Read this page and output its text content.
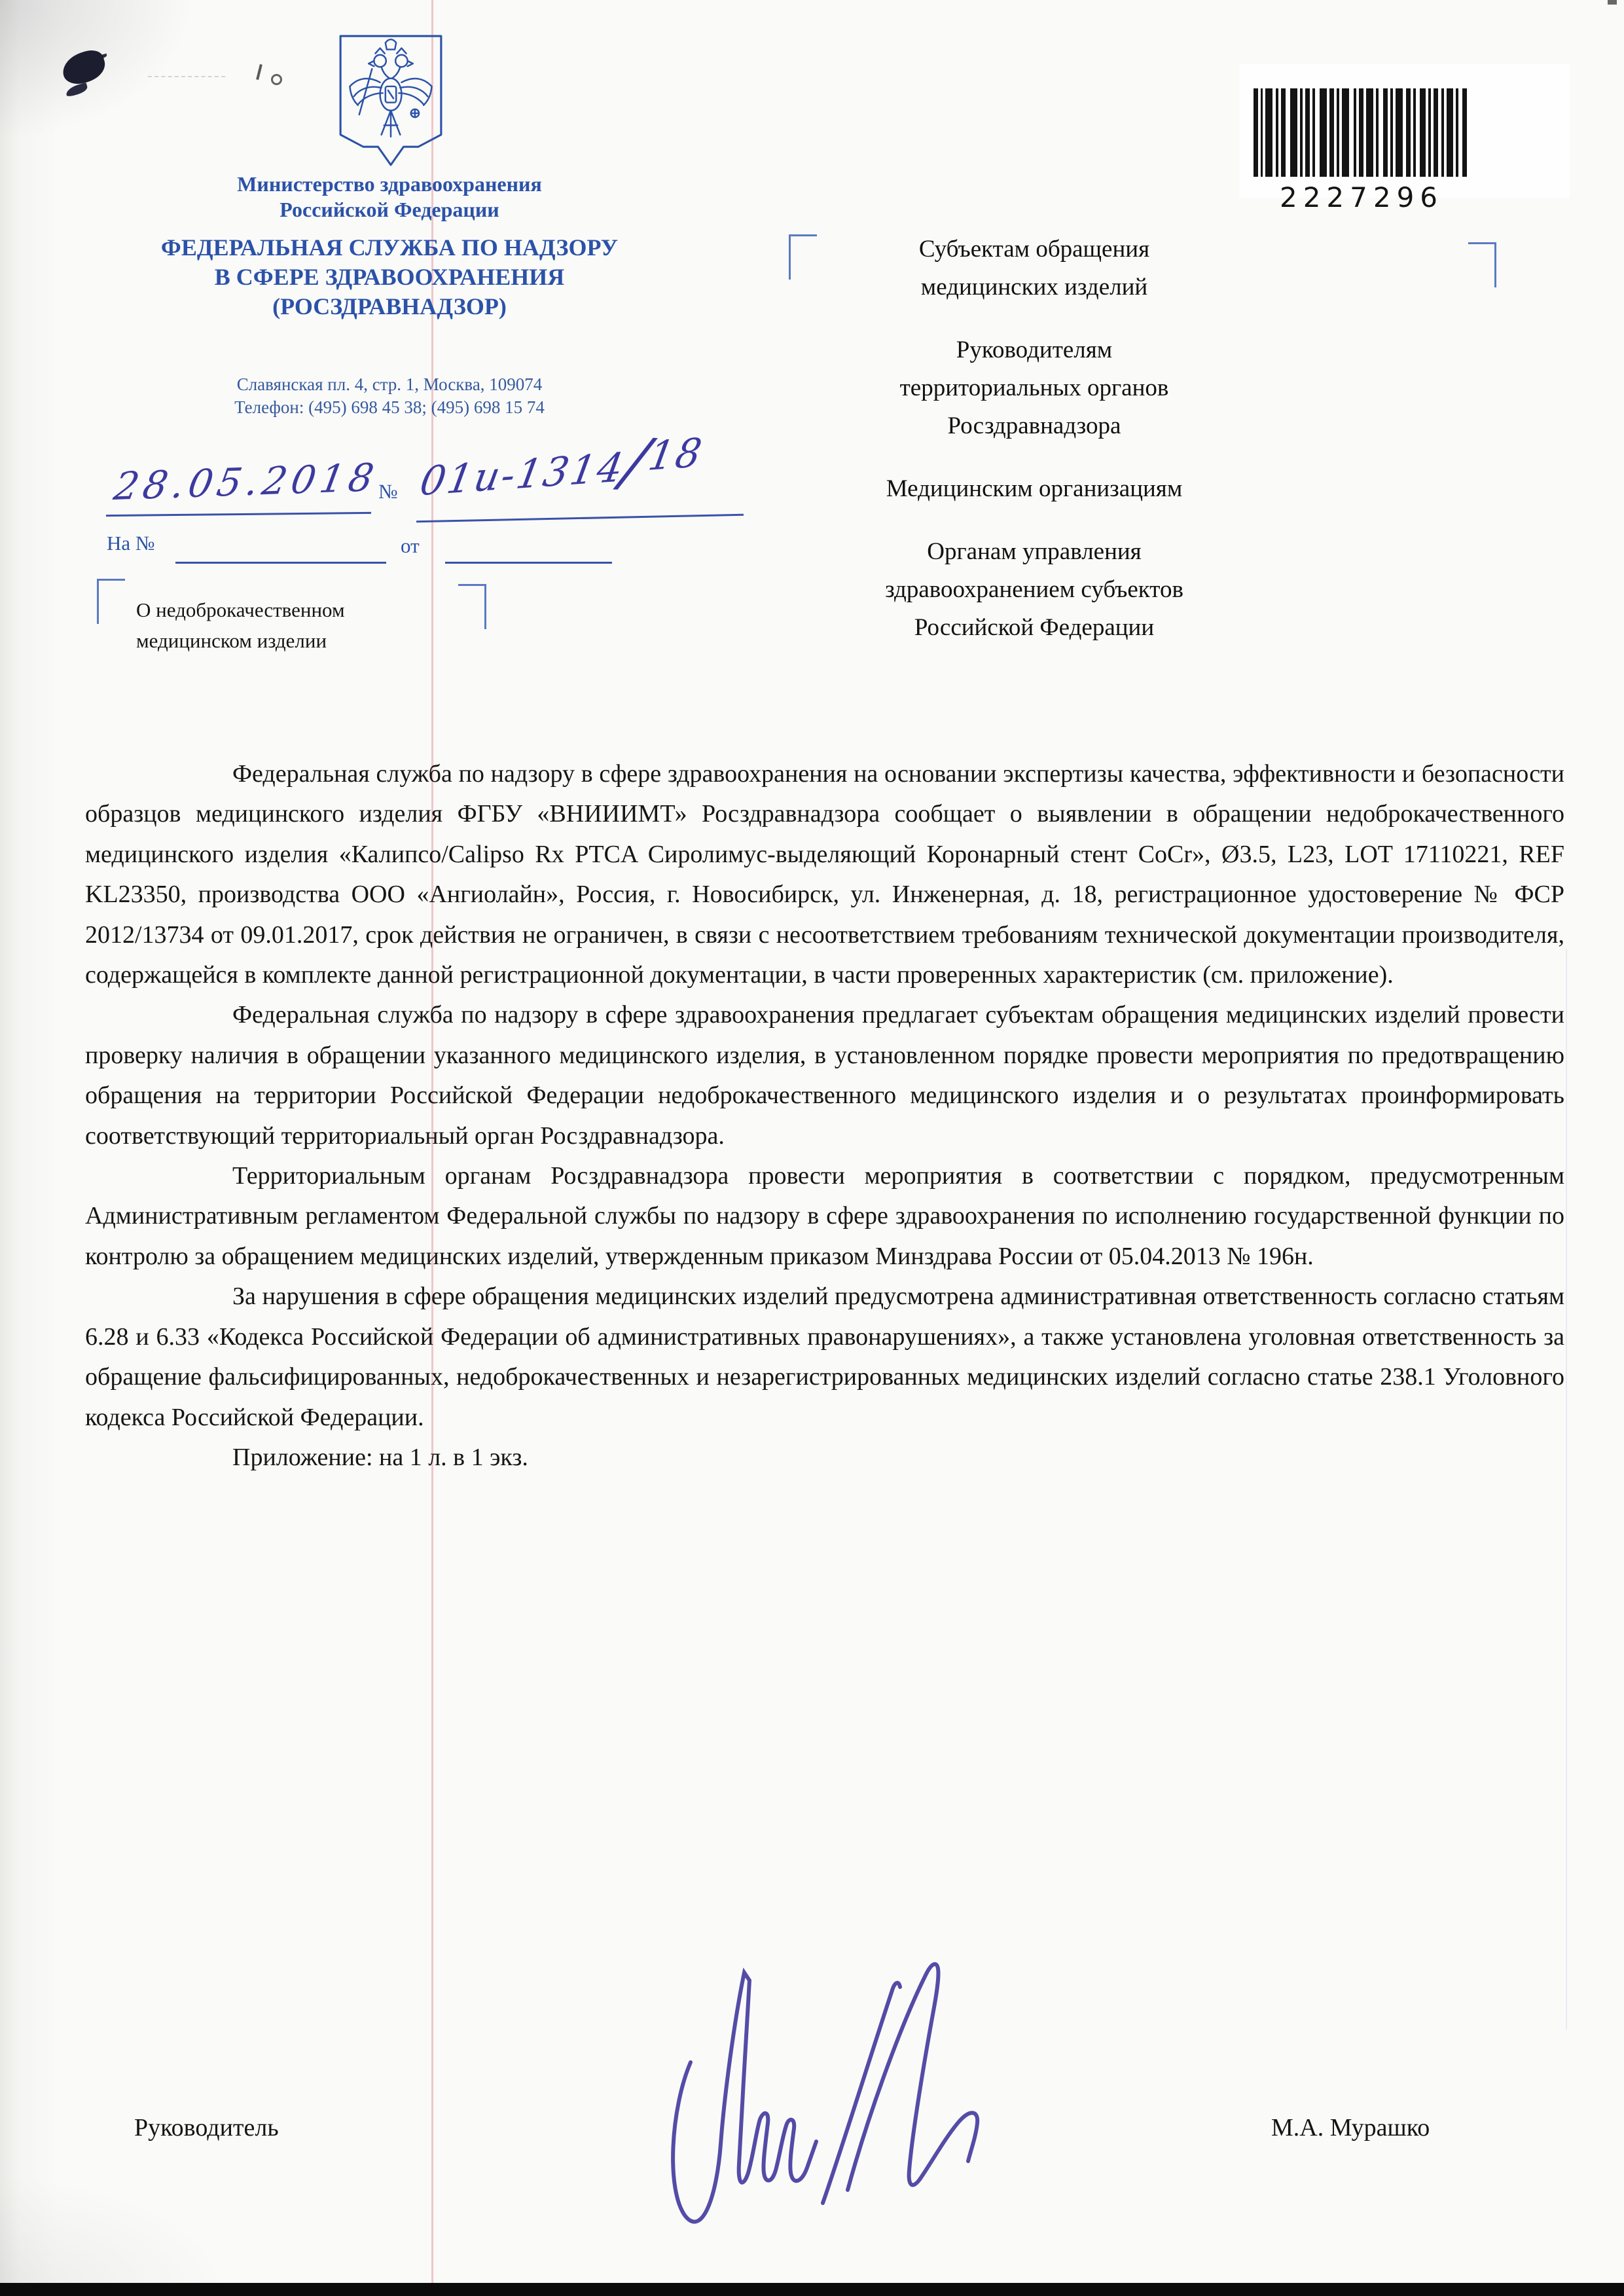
Министерство здравоохранения
Российской Федерации
ФЕДЕРАЛЬНАЯ СЛУЖБА ПО НАДЗОРУ
В СФЕРЕ ЗДРАВООХРАНЕНИЯ
(РОСЗДРАВНАДЗОР)
Славянская пл. 4, стр. 1, Москва, 109074
Телефон: (495) 698 45 38; (495) 698 15 74
28.05.2018
№ 01и-1314/18
На №	от
О недоброкачественном
медицинском изделии
2227296
Субъектам обращения
медицинских изделий
Руководителям
территориальных органов
Росздравнадзора
Медицинским организациям
Органам управления
здравоохранением субъектов
Российской Федерации

Федеральная служба по надзору в сфере здравоохранения на основании экспертизы качества, эффективности и безопасности образцов медицинского изделия ФГБУ «ВНИИИМТ» Росздравнадзора сообщает о выявлении в обращении недоброкачественного медицинского изделия «Калипсо/Calipso Rx PTCA Сиролимус-выделяющий Коронарный стент CoCr», Ø3.5, L23, LOT 17110221, REF KL23350, производства ООО «Ангиолайн», Россия, г. Новосибирск, ул. Инженерная, д. 18, регистрационное удостоверение № ФСР 2012/13734 от 09.01.2017, срок действия не ограничен, в связи с несоответствием требованиям технической документации производителя, содержащейся в комплекте данной регистрационной документации, в части проверенных характеристик (см. приложение).

Федеральная служба по надзору в сфере здравоохранения предлагает субъектам обращения медицинских изделий провести проверку наличия в обращении указанного медицинского изделия, в установленном порядке провести мероприятия по предотвращению обращения на территории Российской Федерации недоброкачественного медицинского изделия и о результатах проинформировать соответствующий территориальный орган Росздравнадзора.

Территориальным органам Росздравнадзора провести мероприятия в соответствии с порядком, предусмотренным Административным регламентом Федеральной службы по надзору в сфере здравоохранения по исполнению государственной функции по контролю за обращением медицинских изделий, утвержденным приказом Минздрава России от 05.04.2013 № 196н.

За нарушения в сфере обращения медицинских изделий предусмотрена административная ответственность согласно статьям 6.28 и 6.33 «Кодекса Российской Федерации об административных правонарушениях», а также установлена уголовная ответственность за обращение фальсифицированных, недоброкачественных и незарегистрированных медицинских изделий согласно статье 238.1 Уголовного кодекса Российской Федерации.

Приложение: на 1 л. в 1 экз.

Руководитель	М.А. Мурашко
